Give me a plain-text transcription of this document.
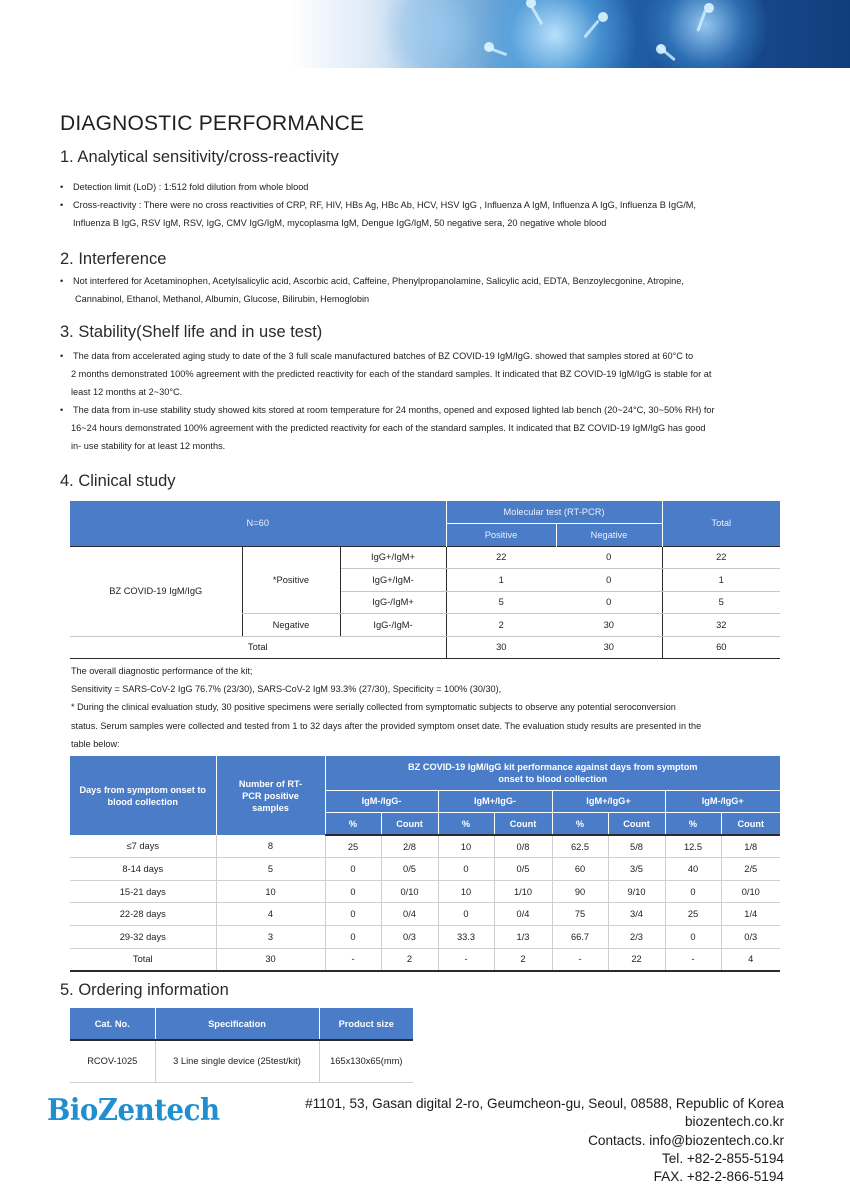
DIAGNOSTIC PERFORMANCE
1. Analytical sensitivity/cross-reactivity
• Detection limit (LoD) : 1:512 fold dilution from whole blood
• Cross-reactivity : There were no cross reactivities of CRP, RF, HIV, HBs Ag, HBc Ab, HCV, HSV IgG , Influenza A IgM, Influenza A IgG, Influenza B IgG/M,
Influenza B IgG, RSV IgM, RSV, IgG, CMV IgG/IgM, mycoplasma IgM, Dengue IgG/IgM, 50 negative sera, 20 negative whole blood
2. Interference
• Not interfered for Acetaminophen, Acetylsalicylic acid, Ascorbic acid, Caffeine, Phenylpropanolamine, Salicylic acid, EDTA, Benzoylecgonine, Atropine,
Cannabinol, Ethanol, Methanol, Albumin, Glucose, Bilirubin, Hemoglobin
3. Stability(Shelf life and in use test)
• The data from accelerated aging study to date of the 3 full scale manufactured batches of BZ COVID-19 IgM/IgG. showed that samples stored at 60°C to
2 months demonstrated 100% agreement with the predicted reactivity for each of the standard samples. It indicated that BZ COVID-19 IgM/IgG is stable for at
least 12 months at 2~30°C.
• The data from in-use stability study showed kits stored at room temperature for 24 months, opened and exposed lighted lab bench (20~24°C, 30~50% RH) for
16~24 hours demonstrated 100% agreement with the predicted reactivity for each of the standard samples. It indicated that BZ COVID-19 IgM/IgG has good
in- use stability for at least 12 months.
4. Clinical study
N=60			Molecular test (RT-PCR)		Total
			Positive	Negative	
BZ COVID-19 IgM/IgG	*Positive	IgG+/IgM+	22	0	22
		IgG+/IgM-	1	0	1
		IgG-/IgM+	5	0	5
	Negative	IgG-/IgM-	2	30	32
Total			30	30	60
The overall diagnostic performance of the kit;
Sensitivity = SARS-CoV-2 IgG 76.7% (23/30), SARS-CoV-2 IgM 93.3% (27/30), Specificity = 100% (30/30),
* During the clinical evaluation study, 30 positive specimens were serially collected from symptomatic subjects to observe any potential seroconversion
status. Serum samples were collected and tested from 1 to 32 days after the provided symptom onset date. The evaluation study results are presented in the
table below:
Days from symptom onset to blood collection	Number of RT-PCR positive samples	BZ COVID-19 IgM/IgG kit performance against days from symptom onset to blood collection							
		IgM-/IgG-		IgM+/IgG-		IgM+/IgG+		IgM-/IgG+	
		%	Count	%	Count	%	Count	%	Count
≤7 days	8	25	2/8	10	0/8	62.5	5/8	12.5	1/8
8-14 days	5	0	0/5	0	0/5	60	3/5	40	2/5
15-21 days	10	0	0/10	10	1/10	90	9/10	0	0/10
22-28 days	4	0	0/4	0	0/4	75	3/4	25	1/4
29-32 days	3	0	0/3	33.3	1/3	66.7	2/3	0	0/3
Total	30	-	2	-	2	-	22	-	4
5. Ordering information
Cat. No.	Specification	Product size
RCOV-1025	3 Line single device (25test/kit)	165x130x65(mm)
BioZentech	#1101, 53, Gasan digital 2-ro, Geumcheon-gu, Seoul, 08588, Republic of Korea
biozentech.co.kr
Contacts. info@biozentech.co.kr
Tel. +82-2-855-5194
FAX. +82-2-866-5194
